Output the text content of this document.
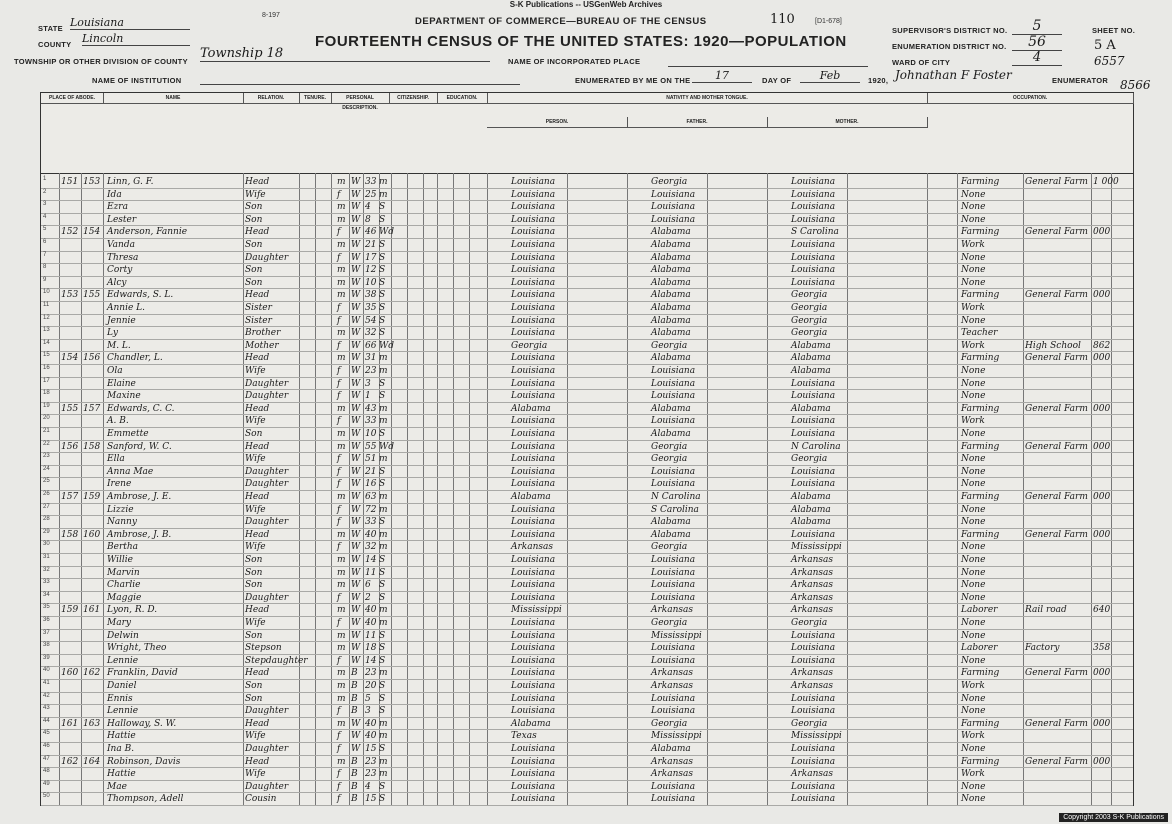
S-K Publications -- USGenWeb Archives
8-197
DEPARTMENT OF COMMERCE—BUREAU OF THE CENSUS	110	[D1-678]
FOURTEENTH CENSUS OF THE UNITED STATES: 1920—POPULATION
STATE Louisiana
COUNTY Lincoln
TOWNSHIP OR OTHER DIVISION OF COUNTY
Township 18
NAME OF INCORPORATED PLACE
NAME OF INSTITUTION	ENUMERATED BY ME ON THE	17	DAY OF	Feb	1920, Johnathan F Foster	ENUMERATOR
SUPERVISOR'S DISTRICT NO.	5
ENUMERATION DISTRICT NO.	56
WARD OF CITY	4
SHEET NO.
5 A
6557
8566
PLACE OF ABODE.	NAME	RELATION.	TENURE.	PERSONAL DESCRIPTION.
CITIZENSHIP.	EDUCATION.	NATIVITY AND MOTHER TONGUE.
PERSON.	FATHER.	MOTHER.
OCCUPATION.
1	151 153 Linn, G. F.	Head	m W 33 m	Louisiana	Georgia	Louisiana	Farming	General Farm 1 000
2	Ida	Wife	f	W 25 m	Louisiana	Louisiana	Louisiana	None
3	Ezra	Son	m W 4 S	Louisiana	Louisiana	Louisiana	None
4	Lester	Son	m W 8 S	Louisiana	Louisiana	Louisiana	None
5	152 154 Anderson, Fannie	Head	f	W 46 Wd	Louisiana	Alabama	S Carolina	Farming	General Farm 000
6	Vanda	Son	m W 21 S	Louisiana	Alabama	Louisiana	Work
7	Thresa	Daughter	f	W 17 S	Louisiana	Alabama	Louisiana	None
8	Corty	Son	m W 12 S	Louisiana	Alabama	Louisiana	None
9	Alcy	Son	m W 10 S	Louisiana	Alabama	Louisiana	None
10	153 155 Edwards, S. L.	Head	m W 38 S	Louisiana	Alabama	Georgia	Farming	General Farm 000
11	Annie L.	Sister	f	W 35 S	Louisiana	Alabama	Georgia	Work
12	Jennie	Sister	f	W 54 S	Louisiana	Alabama	Georgia	None
13	Ly	Brother	m W 32 S	Louisiana	Alabama	Georgia	Teacher
14	M. L.	Mother	f	W 66 Wd	Georgia	Georgia	Alabama	Work	High School	862
15	154 156 Chandler, L.	Head	m W 31 m	Louisiana	Alabama	Alabama	Farming	General Farm 000
16	Ola	Wife	f	W 23 m	Louisiana	Louisiana	Alabama	None
17	Elaine	Daughter	f	W 3 S	Louisiana	Louisiana	Louisiana	None
18	Maxine	Daughter	f	W 1 S	Louisiana	Louisiana	Louisiana	None
19	155 157 Edwards, C. C.	Head	m W 43 m	Alabama	Alabama	Alabama	Farming	General Farm 000
20	A. B.	Wife	f	W 33 m	Louisiana	Louisiana	Louisiana	Work
21	Emmette	Son	m W 10 S	Louisiana	Alabama	Louisiana	None
22	156 158 Sanford, W. C.	Head	m W 55 Wd	Louisiana	Georgia	N Carolina	Farming	General Farm 000
23	Ella	Wife	f	W 51 m	Louisiana	Georgia	Georgia	None
24	Anna Mae	Daughter	f	W 21 S	Louisiana	Louisiana	Louisiana	None
25	Irene	Daughter	f	W 16 S	Louisiana	Louisiana	Louisiana	None
26	157 159 Ambrose, J. E.	Head	m W 63 m	Alabama	N Carolina	Alabama	Farming	General Farm 000
27	Lizzie	Wife	f	W 72 m	Louisiana	S Carolina	Alabama	None
28	Nanny	Daughter	f	W 33 S	Louisiana	Alabama	Alabama	None
29	158 160 Ambrose, J. B.	Head	m W 40 m	Louisiana	Alabama	Louisiana	Farming	General Farm 000
30	Bertha	Wife	f	W 32 m	Arkansas	Georgia	Mississippi	None
31	Willie	Son	m W 14 S	Louisiana	Louisiana	Arkansas	None
32	Marvin	Son	m W 11 S	Louisiana	Louisiana	Arkansas	None
33	Charlie	Son	m W 6 S	Louisiana	Louisiana	Arkansas	None
34	Maggie	Daughter	f	W 2 S	Louisiana	Louisiana	Arkansas	None
35	159 161 Lyon, R. D.	Head	m W 40 m	Mississippi	Arkansas	Arkansas	Laborer	Rail road	640
36	Mary	Wife	f	W 40 m	Louisiana	Georgia	Georgia	None
37	Delwin	Son	m W 11 S	Louisiana	Mississippi	Louisiana	None
38	Wright, Theo	Stepson	m W 18 S	Louisiana	Louisiana	Louisiana	Laborer	Factory	358
39	Lennie	Stepdaughter	f	W 14 S	Louisiana	Louisiana	Louisiana	None
40	160 162 Franklin, David	Head	m B 23 m	Louisiana	Arkansas	Arkansas	Farming	General Farm 000
41	Daniel	Son	m B 20 S	Louisiana	Arkansas	Arkansas	Work
42	Ennis	Son	m B 5 S	Louisiana	Louisiana	Louisiana	None
43	Lennie	Daughter	f	B 3 S	Louisiana	Louisiana	Louisiana	None
44	161 163 Halloway, S. W.	Head	m W 40 m	Alabama	Georgia	Georgia	Farming	General Farm 000
45	Hattie	Wife	f	W 40 m	Texas	Mississippi	Mississippi	Work
46	Ina B.	Daughter	f	W 15 S	Louisiana	Alabama	Louisiana	None
47	162 164 Robinson, Davis	Head	m B 23 m	Louisiana	Arkansas	Louisiana	Farming	General Farm 000
48	Hattie	Wife	f	B 23 m	Louisiana	Arkansas	Arkansas	Work
49	Mae	Daughter	f	B 4 S	Louisiana	Louisiana	Louisiana	None
50	Thompson, Adell	Cousin	f	B 15 S	Louisiana	Louisiana	Louisiana	None
Copyright 2003 S-K Publications
